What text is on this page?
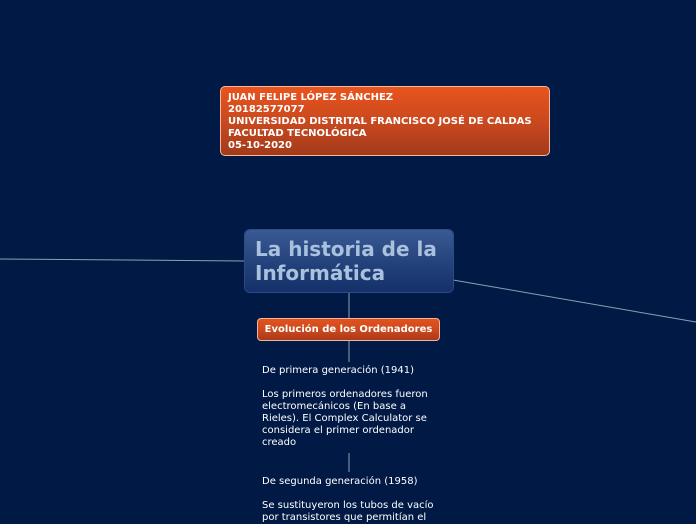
JUAN FELIPE LÓPEZ SÁNCHEZ
20182577077
UNIVERSIDAD DISTRITAL FRANCISCO JOSÉ DE CALDAS
FACULTAD TECNOLÓGICA
05-10-2020
La historia de la
Informática
Evolución de los Ordenadores
De primera generación (1941)
Los primeros ordenadores fueron electromecánicos (En base a Rieles). El Complex Calculator se considera el primer ordenador creado
De segunda generación (1958)
Se sustituyeron los tubos de vacío por transistores que permitían el
